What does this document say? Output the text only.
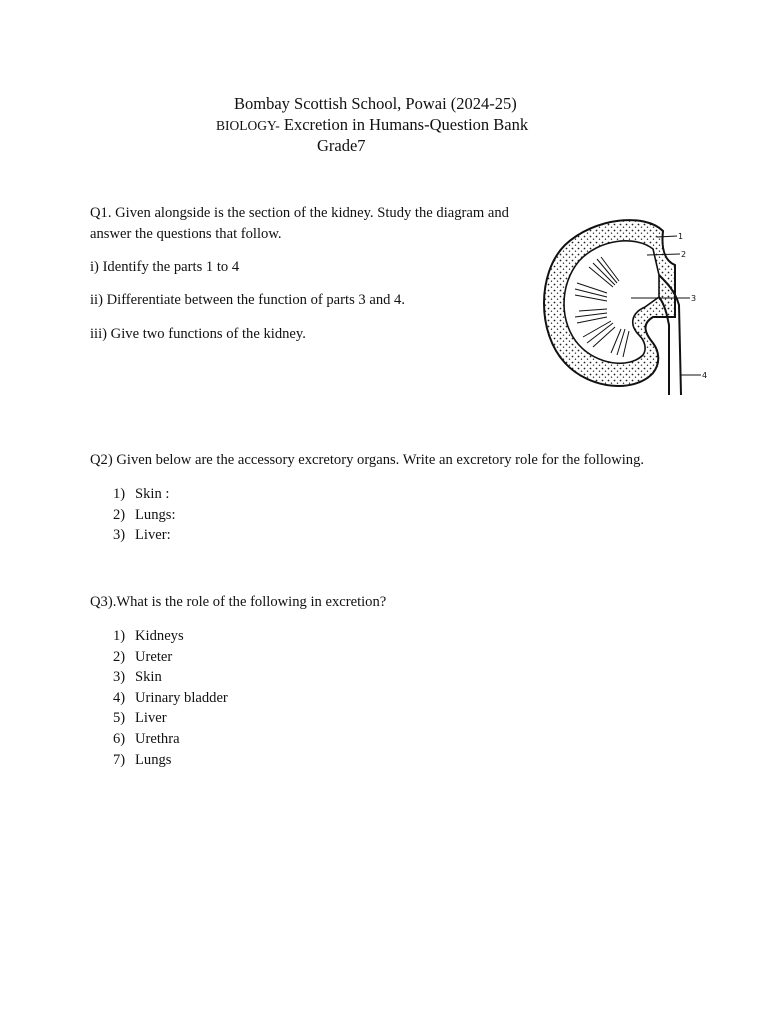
Bombay Scottish School, Powai (2024-25)
BIOLOGY- Excretion in Humans-Question Bank
Grade7

Q1. Given alongside is the section of the kidney. Study the diagram and answer the questions that follow.

i) Identify the parts 1 to 4

ii) Differentiate between the function of parts 3 and 4.

iii) Give two functions of the kidney.

1
2
3
4
Q2) Given below are the accessory excretory organs. Write an excretory role for the following.
1) Skin :
2) Lungs:
3) Liver:
Q3).What is the role of the following in excretion?
1) Kidneys
2) Ureter
3) Skin
4) Urinary bladder
5) Liver
6) Urethra
7) Lungs
